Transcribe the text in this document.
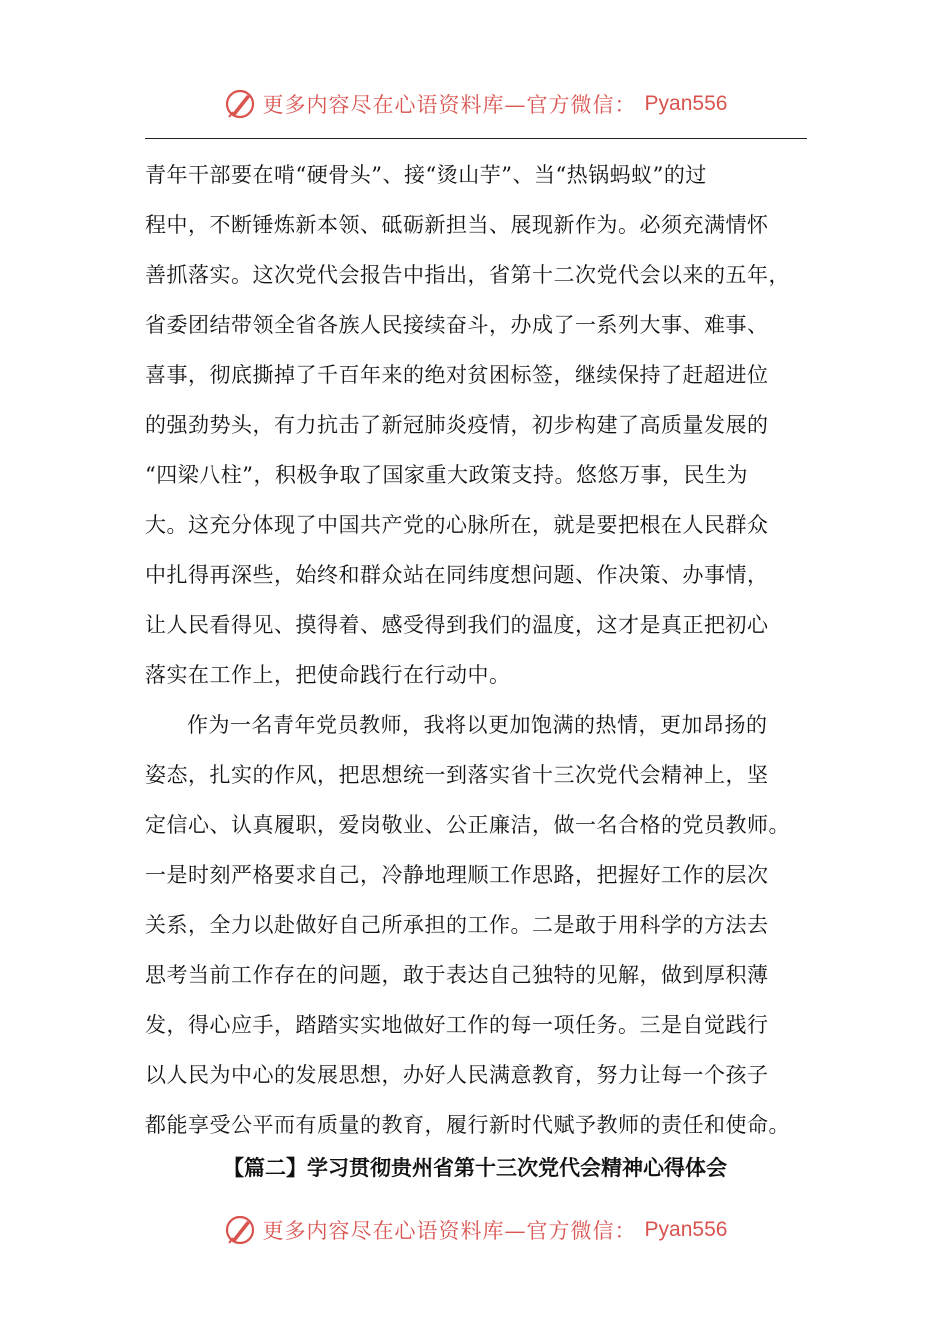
更多内容尽在心语资料库—官方微信： Pyan556
青年干部要在啃“硬骨头”、接“烫山芋”、当“热锅蚂蚁”的过
程中，不断锤炼新本领、砥砺新担当、展现新作为。必须充满情怀
善抓落实。这次党代会报告中指出，省第十二次党代会以来的五年，
省委团结带领全省各族人民接续奋斗，办成了一系列大事、难事、
喜事，彻底撕掉了千百年来的绝对贫困标签，继续保持了赶超进位
的强劲势头，有力抗击了新冠肺炎疫情，初步构建了高质量发展的
“四梁八柱”，积极争取了国家重大政策支持。悠悠万事，民生为
大。这充分体现了中国共产党的心脉所在，就是要把根在人民群众
中扎得再深些，始终和群众站在同纬度想问题、作决策、办事情，
让人民看得见、摸得着、感受得到我们的温度，这才是真正把初心
落实在工作上，把使命践行在行动中。
作为一名青年党员教师，我将以更加饱满的热情，更加昂扬的
姿态，扎实的作风，把思想统一到落实省十三次党代会精神上，坚
定信心、认真履职，爱岗敬业、公正廉洁，做一名合格的党员教师。
一是时刻严格要求自己，冷静地理顺工作思路，把握好工作的层次
关系，全力以赴做好自己所承担的工作。二是敢于用科学的方法去
思考当前工作存在的问题，敢于表达自己独特的见解，做到厚积薄
发，得心应手，踏踏实实地做好工作的每一项任务。三是自觉践行
以人民为中心的发展思想，办好人民满意教育，努力让每一个孩子
都能享受公平而有质量的教育，履行新时代赋予教师的责任和使命。
【篇二】学习贯彻贵州省第十三次党代会精神心得体会
更多内容尽在心语资料库—官方微信： Pyan556
